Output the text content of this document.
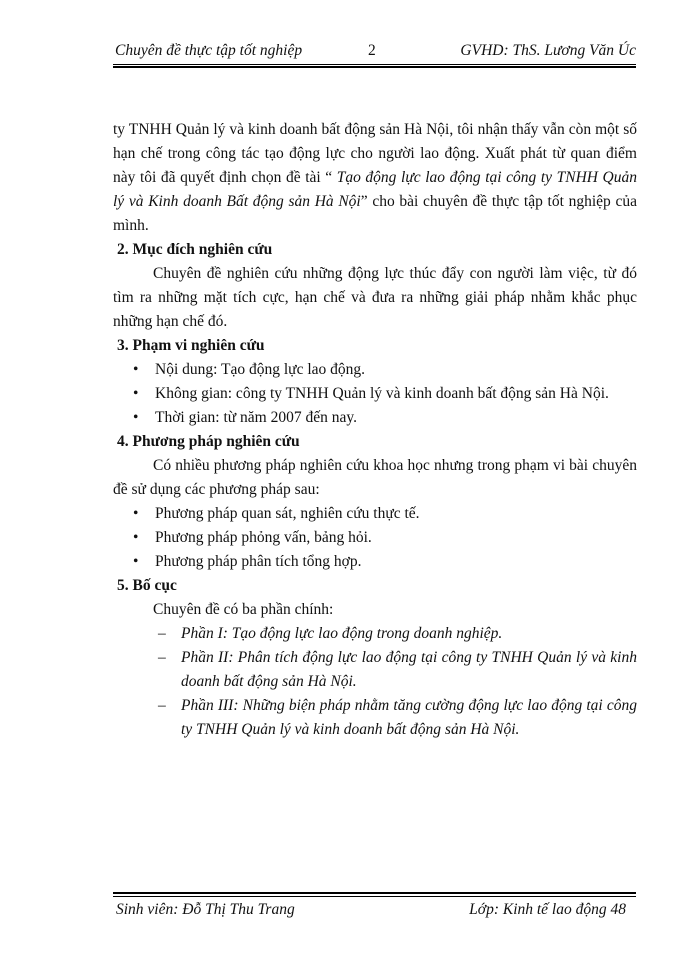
Chuyên đề thực tập tốt nghiệp	2	GVHD: ThS. Lương Văn Úc

ty TNHH Quản lý và kinh doanh bất động sản Hà Nội, tôi nhận thấy vẫn còn một số hạn chế trong công tác tạo động lực cho người lao động. Xuất phát từ quan điểm này tôi đã quyết định chọn đề tài “ Tạo động lực lao động tại công ty TNHH Quản lý và Kinh doanh Bất động sản Hà Nội” cho bài chuyên đề thực tập tốt nghiệp của mình.

2. Mục đích nghiên cứu

Chuyên đề nghiên cứu những động lực thúc đẩy con người làm việc, từ đó tìm ra những mặt tích cực, hạn chế và đưa ra những giải pháp nhằm khắc phục những hạn chế đó.

3. Phạm vi nghiên cứu
• Nội dung: Tạo động lực lao động.
• Không gian: công ty TNHH Quản lý và kinh doanh bất động sản Hà Nội.
• Thời gian: từ năm 2007 đến nay.
4. Phương pháp nghiên cứu

Có nhiều phương pháp nghiên cứu khoa học nhưng trong phạm vi bài chuyên đề sử dụng các phương pháp sau:

• Phương pháp quan sát, nghiên cứu thực tế.
• Phương pháp phỏng vấn, bảng hỏi.
• Phương pháp phân tích tổng hợp.
5. Bố cục

Chuyên đề có ba phần chính:

– Phần I: Tạo động lực lao động trong doanh nghiệp.
– Phần II: Phân tích động lực lao động tại công ty TNHH Quản lý và kinh doanh bất động sản Hà Nội.
– Phần III: Những biện pháp nhằm tăng cường động lực lao động tại công ty TNHH Quản lý và kinh doanh bất động sản Hà Nội.
Sinh viên: Đỗ Thị Thu Trang	Lớp: Kinh tế lao động 48
